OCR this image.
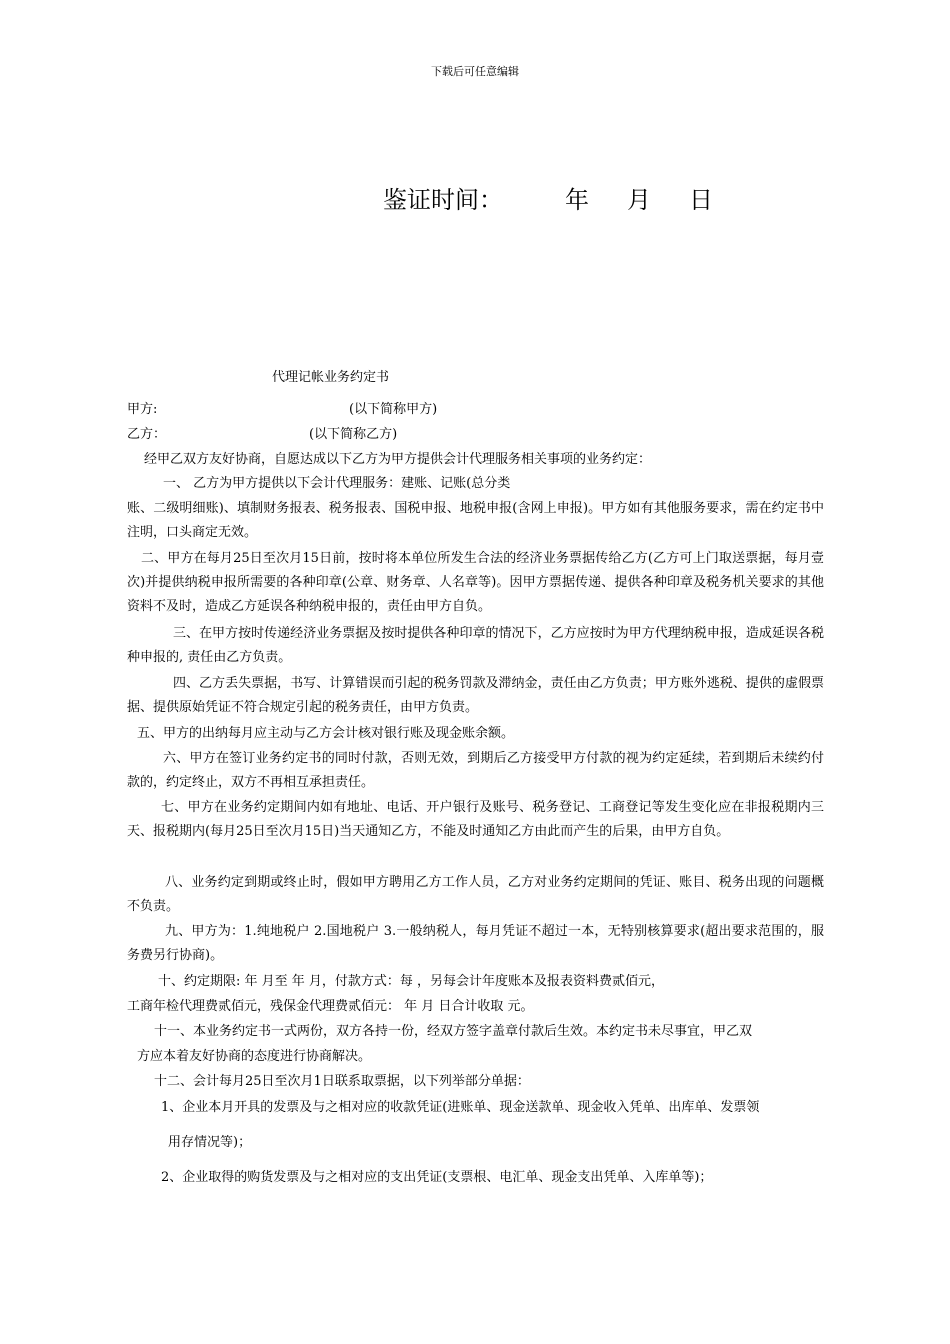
下载后可任意编辑
鉴证时间：	年 月 日
代理记帐业务约定书
甲方:	(以下简称甲方)
乙方：	(以下简称乙方)
经甲乙双方友好协商，自愿达成以下乙方为甲方提供会计代理服务相关事项的业务约定：
一、 乙方为甲方提供以下会计代理服务：建账、记账(总分类
账、二级明细账)、填制财务报表、税务报表、国税申报、地税申报(含网上申报)。甲方如有其他服务要求，需在约定书中注明，口头商定无效。
二、甲方在每月25日至次月15日前，按时将本单位所发生合法的经济业务票据传给乙方(乙方可上门取送票据，每月壹次)并提供纳税申报所需要的各种印章(公章、财务章、人名章等)。因甲方票据传递、提供各种印章及税务机关要求的其他资料不及时，造成乙方延误各种纳税申报的，责任由甲方自负。
三、在甲方按时传递经济业务票据及按时提供各种印章的情况下，乙方应按时为甲方代理纳税申报，造成延误各税种申报的, 责任由乙方负责。
四、乙方丢失票据，书写、计算错误而引起的税务罚款及滞纳金，责任由乙方负责；甲方账外逃税、提供的虚假票据、提供原始凭证不符合规定引起的税务责任，由甲方负责。
五、甲方的出纳每月应主动与乙方会计核对银行账及现金账余额。
六、甲方在签订业务约定书的同时付款，否则无效，到期后乙方接受甲方付款的视为约定延续，若到期后未续约付款的，约定终止，双方不再相互承担责任。
七、甲方在业务约定期间内如有地址、电话、开户银行及账号、税务登记、工商登记等发生变化应在非报税期内三天、报税期内(每月25日至次月15日)当天通知乙方，不能及时通知乙方由此而产生的后果，由甲方自负。
八、业务约定到期或终止时，假如甲方聘用乙方工作人员，乙方对业务约定期间的凭证、账目、税务出现的问题概不负责。
九、甲方为：1.纯地税户 2.国地税户 3.一般纳税人，每月凭证不超过一本，无特别核算要求(超出要求范围的，服务费另行协商)。
十、约定期限: 年 月至 年 月，付款方式：每 ，另每会计年度账本及报表资料费贰佰元，
工商年检代理费贰佰元，残保金代理费贰佰元： 年 月 日合计收取 元。
十一、本业务约定书一式两份，双方各持一份，经双方签字盖章付款后生效。本约定书未尽事宜，甲乙双
方应本着友好协商的态度进行协商解决。
十二、会计每月25日至次月1日联系取票据，以下列举部分单据：
1、企业本月开具的发票及与之相对应的收款凭证(进账单、现金送款单、现金收入凭单、出库单、发票领
用存情况等)；
2、企业取得的购货发票及与之相对应的支出凭证(支票根、电汇单、现金支出凭单、入库单等)；
